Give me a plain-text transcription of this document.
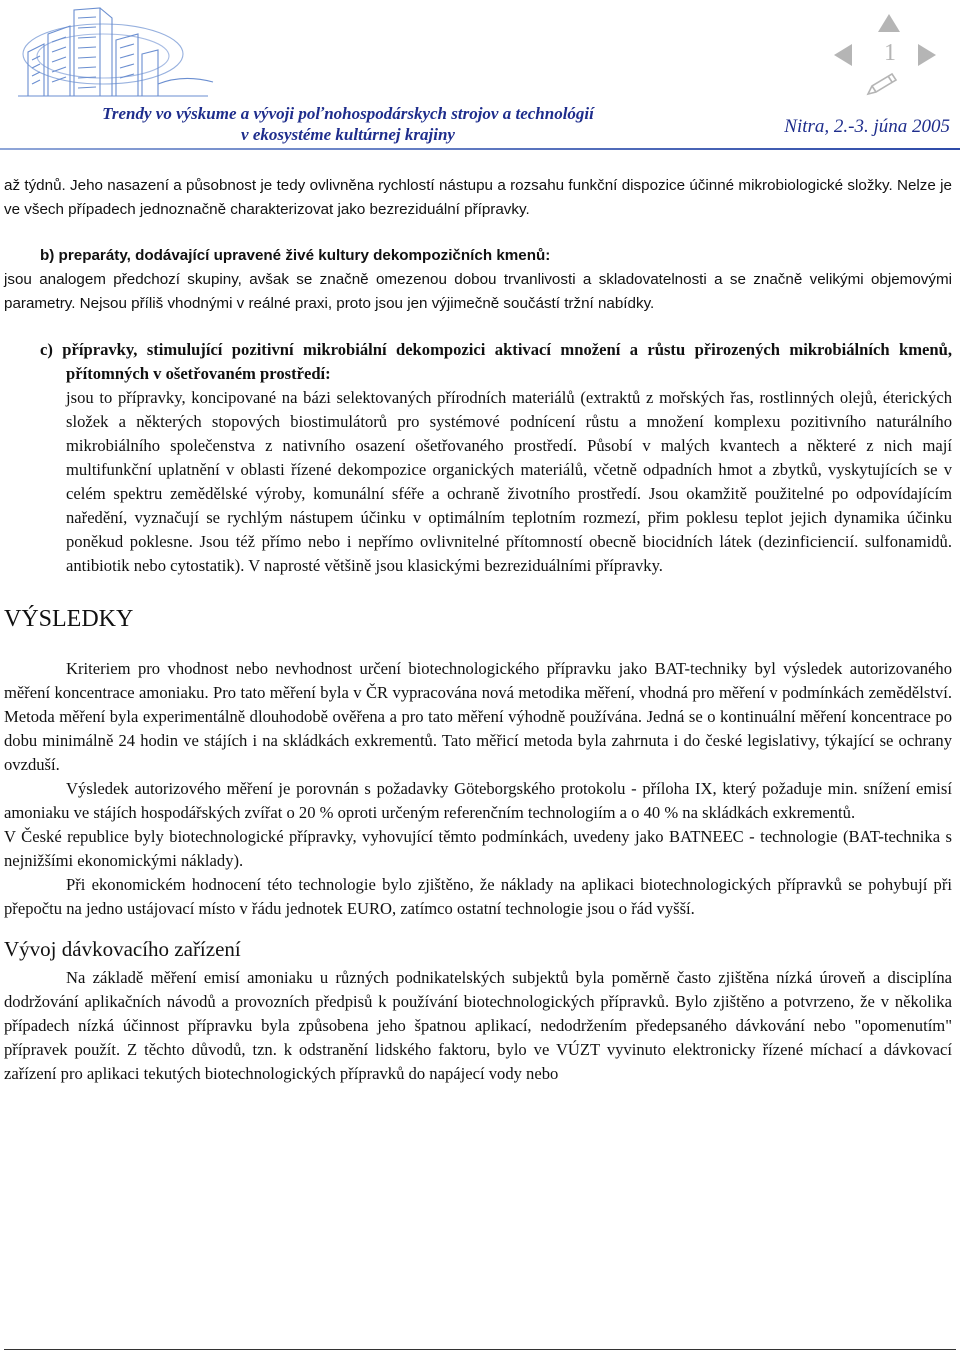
Trendy vo výskume a vývoji poľnohospodárskych strojov a technológií
v ekosystéme kultúrnej krajiny	Nitra, 2.-3. júna 2005
1

až týdnů. Jeho nasazení a působnost je tedy ovlivněna rychlostí nástupu a rozsahu funkční dispozice účinné mikrobiologické složky. Nelze je ve všech případech jednoznačně charakterizovat jako bezreziduální přípravky.

b) preparáty, dodávající upravené živé kultury dekompozičních kmenů:

jsou analogem předchozí skupiny, avšak se značně omezenou dobou trvanlivosti a skladovatelnosti a se značně velikými objemovými parametry. Nejsou příliš vhodnými v reálné praxi, proto jsou jen výjimečně součástí tržní nabídky.

c) přípravky, stimulující pozitivní mikrobiální dekompozici aktivací množení a růstu přirozených mikrobiálních kmenů, přítomných v ošetřovaném prostředí:

jsou to přípravky, koncipované na bázi selektovaných přírodních materiálů (extraktů z mořských řas, rostlinných olejů, éterických složek a některých stopových biostimulátorů pro systémové podnícení růstu a množení komplexu pozitivního naturálního mikrobiálního společenstva z nativního osazení ošetřovaného prostředí. Působí v malých kvantech a některé z nich mají multifunkční uplatnění v oblasti řízené dekompozice organických materiálů, včetně odpadních hmot a zbytků, vyskytujících se v celém spektru zemědělské výroby, komunální sféře a ochraně životního prostředí. Jsou okamžitě použitelné po odpovídajícím naředění, vyznačují se rychlým nástupem účinku v optimálním teplotním rozmezí, přim poklesu teplot jejich dynamika účinku poněkud poklesne. Jsou též přímo nebo i nepřímo ovlivnitelné přítomností obecně biocidních látek (dezinficiencií. sulfonamidů. antibiotik nebo cytostatik). V naprosté většině jsou klasickými bezreziduálními přípravky.

VÝSLEDKY

Kriteriem pro vhodnost nebo nevhodnost určení biotechnologického přípravku jako BAT-techniky byl výsledek autorizovaného měření koncentrace amoniaku. Pro tato měření byla v ČR vypracována nová metodika měření, vhodná pro měření v podmínkách zemědělství. Metoda měření byla experimentálně dlouhodobě ověřena a pro tato měření výhodně používána. Jedná se o kontinuální měření koncentrace po dobu minimálně 24 hodin ve stájích i na skládkách exkrementů. Tato měřicí metoda byla zahrnuta i do české legislativy, týkající se ochrany ovzduší.

Výsledek autorizového měření je porovnán s požadavky Göteborgského protokolu - příloha IX, který požaduje min. snížení emisí amoniaku ve stájích hospodářských zvířat o 20 % oproti určeným referenčním technologiím a o 40 % na skládkách exkrementů.

V České republice byly biotechnologické přípravky, vyhovující těmto podmínkách, uvedeny jako BATNEEC - technologie (BAT-technika s nejnižšími ekonomickými náklady).

Při ekonomickém hodnocení této technologie bylo zjištěno, že náklady na aplikaci biotechnologických přípravků se pohybují při přepočtu na jedno ustájovací místo v řádu jednotek EURO, zatímco ostatní technologie jsou o řád vyšší.

Vývoj dávkovacího zařízení

Na základě měření emisí amoniaku u různých podnikatelských subjektů byla poměrně často zjištěna nízká úroveň a disciplína dodržování aplikačních návodů a provozních předpisů k používání biotechnologických přípravků. Bylo zjištěno a potvrzeno, že v několika případech nízká účinnost přípravku byla způsobena jeho špatnou aplikací, nedodržením předepsaného dávkování nebo "opomenutím" přípravek použít. Z těchto důvodů, tzn. k odstranění lidského faktoru, bylo ve VÚZT vyvinuto elektronicky řízené míchací a dávkovací zařízení pro aplikaci tekutých biotechnologických přípravků do napájecí vody nebo
